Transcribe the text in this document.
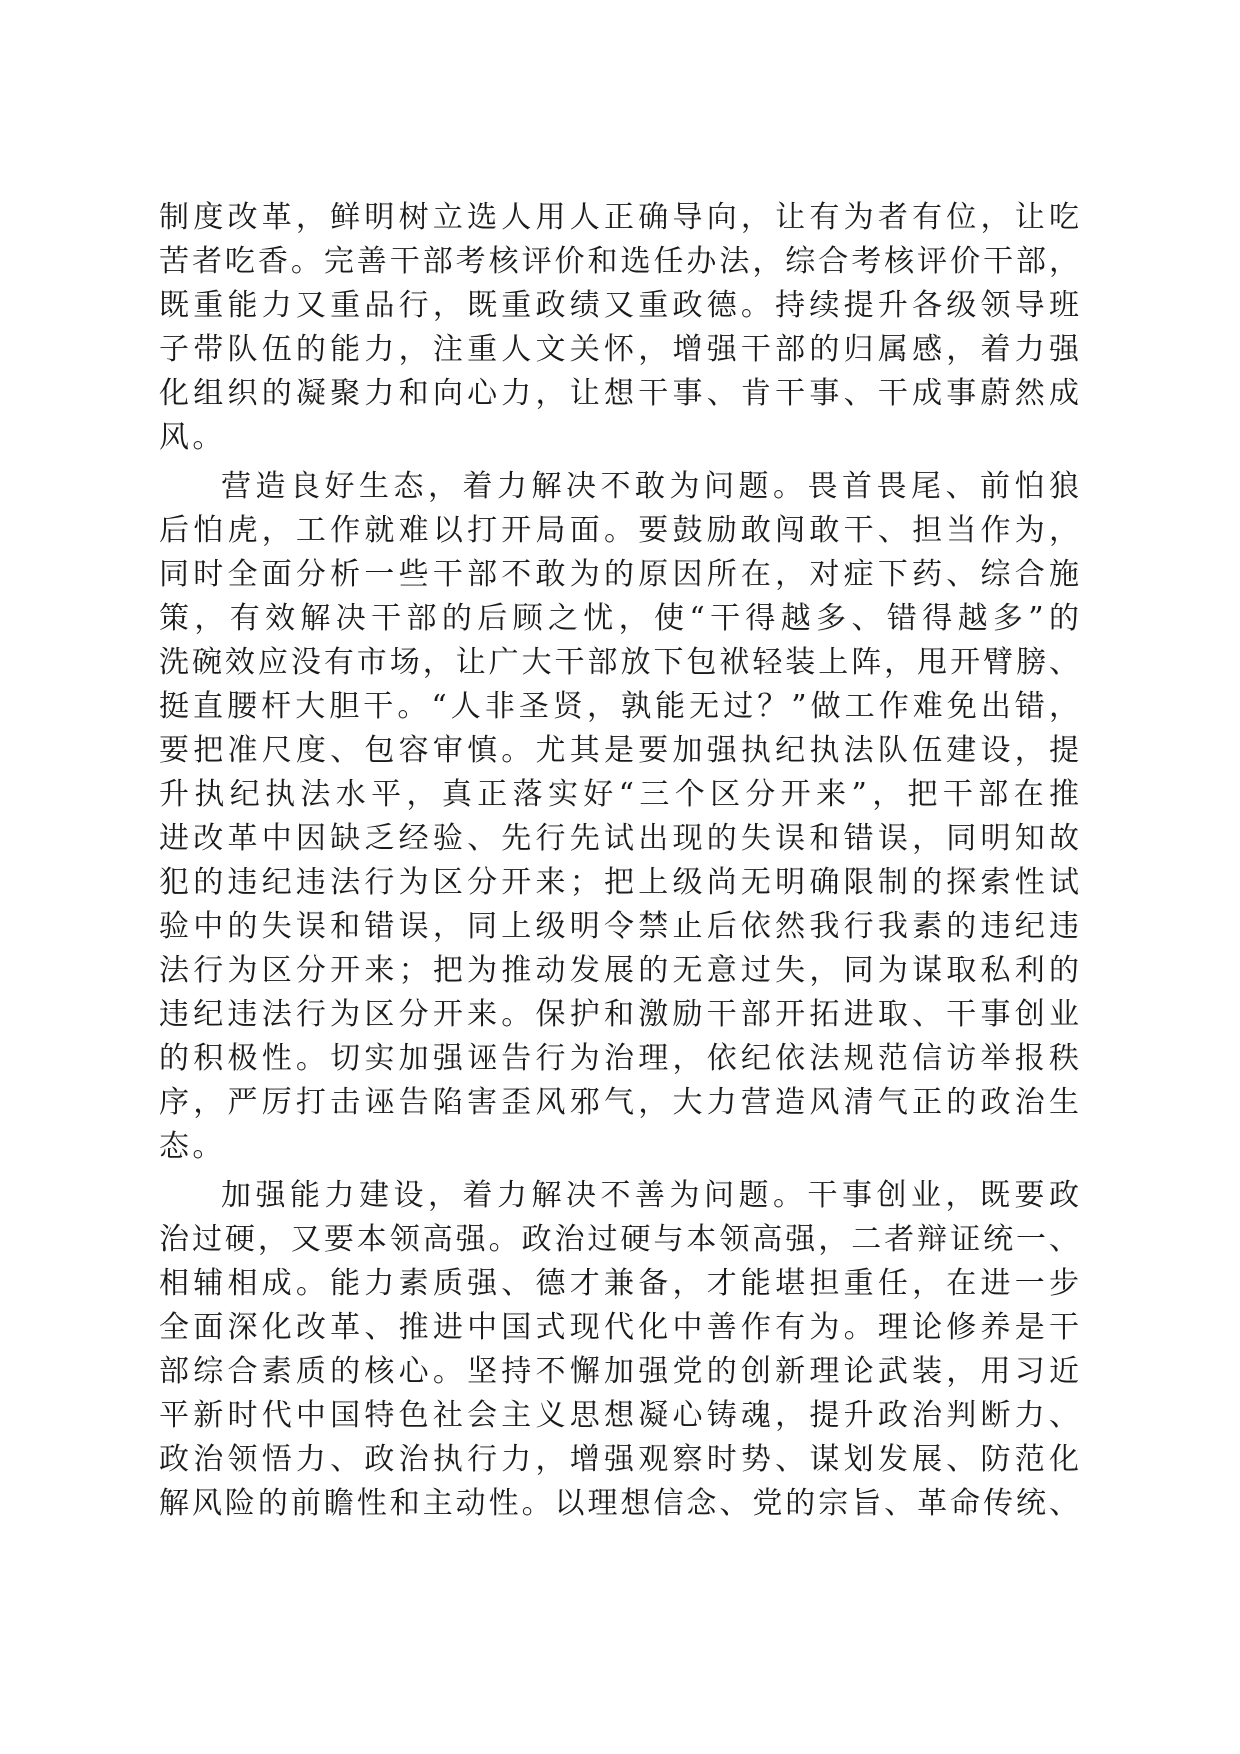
制度改革，鲜明树立选人用人正确导向，让有为者有位，让吃
苦者吃香。完善干部考核评价和选任办法，综合考核评价干部，
既重能力又重品行，既重政绩又重政德。持续提升各级领导班
子带队伍的能力，注重人文关怀，增强干部的归属感，着力强
化组织的凝聚力和向心力，让想干事、肯干事、干成事蔚然成
风。
营造良好生态，着力解决不敢为问题。畏首畏尾、前怕狼
后怕虎，工作就难以打开局面。要鼓励敢闯敢干、担当作为，
同时全面分析一些干部不敢为的原因所在，对症下药、综合施
策，有效解决干部的后顾之忧，使“干得越多、错得越多”的
洗碗效应没有市场，让广大干部放下包袱轻装上阵，甩开臂膀、
挺直腰杆大胆干。“人非圣贤，孰能无过？”做工作难免出错，
要把准尺度、包容审慎。尤其是要加强执纪执法队伍建设，提
升执纪执法水平，真正落实好“三个区分开来”，把干部在推
进改革中因缺乏经验、先行先试出现的失误和错误，同明知故
犯的违纪违法行为区分开来；把上级尚无明确限制的探索性试
验中的失误和错误，同上级明令禁止后依然我行我素的违纪违
法行为区分开来；把为推动发展的无意过失，同为谋取私利的
违纪违法行为区分开来。保护和激励干部开拓进取、干事创业
的积极性。切实加强诬告行为治理，依纪依法规范信访举报秩
序，严厉打击诬告陷害歪风邪气，大力营造风清气正的政治生
态。
加强能力建设，着力解决不善为问题。干事创业，既要政
治过硬，又要本领高强。政治过硬与本领高强，二者辩证统一、
相辅相成。能力素质强、德才兼备，才能堪担重任，在进一步
全面深化改革、推进中国式现代化中善作有为。理论修养是干
部综合素质的核心。坚持不懈加强党的创新理论武装，用习近
平新时代中国特色社会主义思想凝心铸魂，提升政治判断力、
政治领悟力、政治执行力，增强观察时势、谋划发展、防范化
解风险的前瞻性和主动性。以理想信念、党的宗旨、革命传统、
